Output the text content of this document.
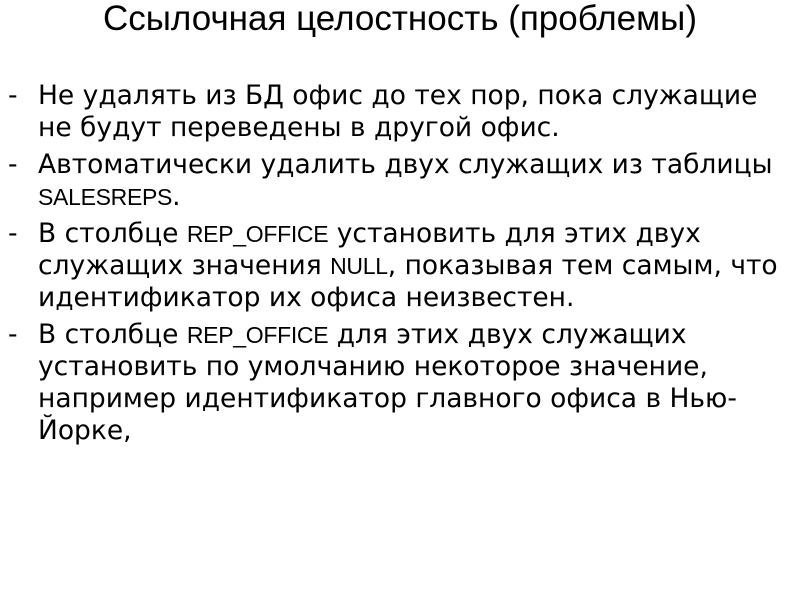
Ссылочная целостность (проблемы)
- Не удалять из БД офис до тех пор, пока служащие не будут переведены в другой офис.
- Автоматически удалить двух служащих из таблицы SALESREPS.
- В столбце REP_OFFICE установить для этих двух служащих значения NULL, показывая тем самым, что идентификатор их офиса неизвестен.
- В столбце REP_OFFICE для этих двух служащих установить по умолчанию некоторое значение, например идентификатор главного офиса в Нью-Йорке,
